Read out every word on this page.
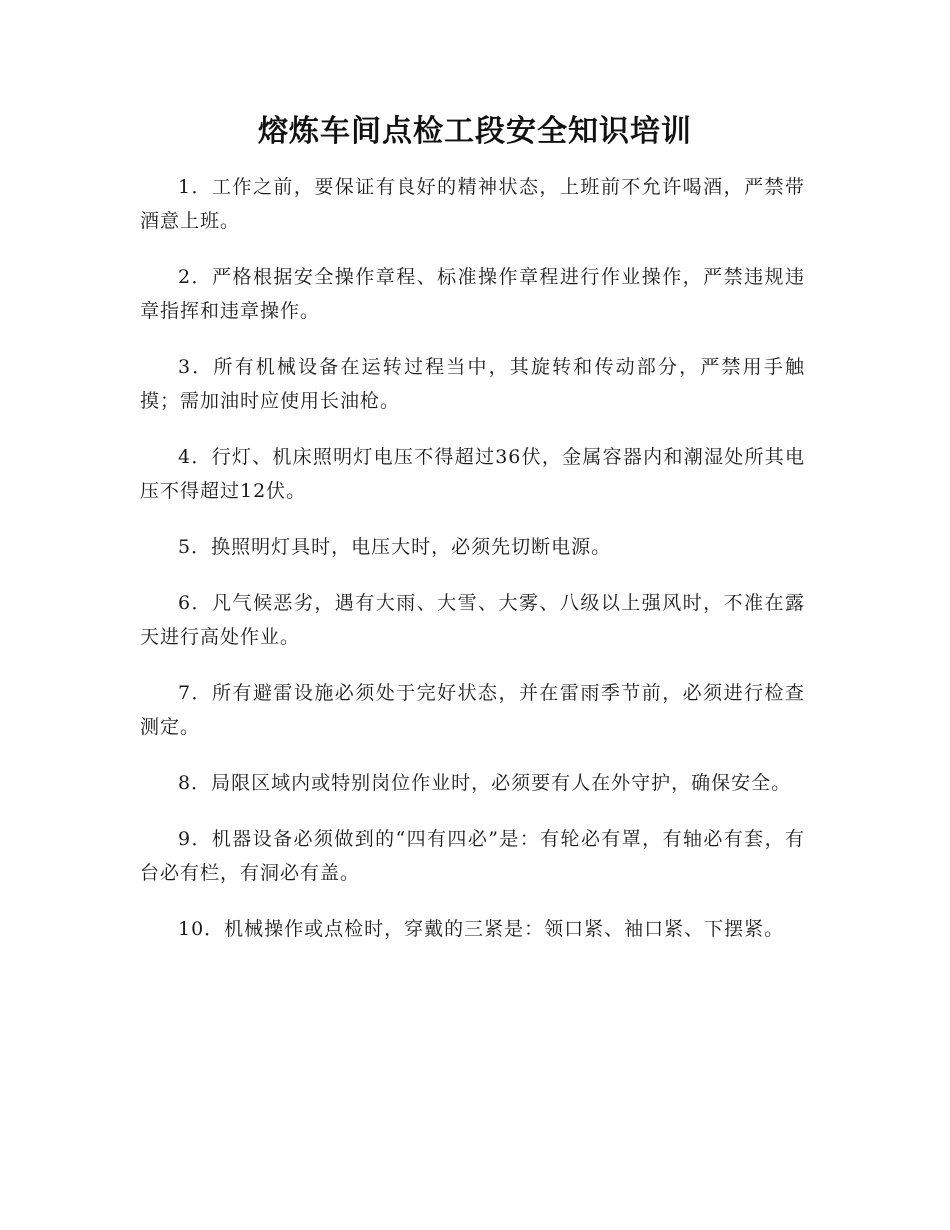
熔炼车间点检工段安全知识培训

1．工作之前，要保证有良好的精神状态，上班前不允许喝酒，严禁带酒意上班。

2．严格根据安全操作章程、标准操作章程进行作业操作，严禁违规违章指挥和违章操作。

3．所有机械设备在运转过程当中，其旋转和传动部分，严禁用手触摸；需加油时应使用长油枪。

4．行灯、机床照明灯电压不得超过36伏，金属容器内和潮湿处所其电压不得超过12伏。

5．换照明灯具时，电压大时，必须先切断电源。

6．凡气候恶劣，遇有大雨、大雪、大雾、八级以上强风时，不准在露天进行高处作业。

7．所有避雷设施必须处于完好状态，并在雷雨季节前，必须进行检查测定。

8．局限区域内或特别岗位作业时，必须要有人在外守护，确保安全。

9．机器设备必须做到的“四有四必”是：有轮必有罩，有轴必有套，有台必有栏，有洞必有盖。

10．机械操作或点检时，穿戴的三紧是：领口紧、袖口紧、下摆紧。
